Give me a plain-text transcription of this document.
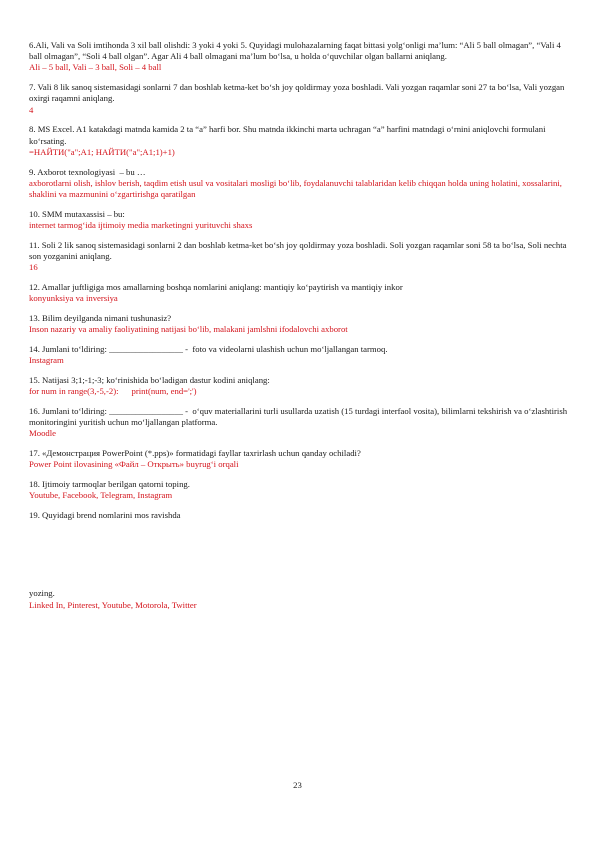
6.Ali, Vali va Soli imtihonda 3 xil ball olishdi: 3 yoki 4 yoki 5. Quyidagi mulohazalarning faqat bittasi yolg‘onligi ma’lum: “Ali 5 ball olmagan”, “Vali 4 ball olmagan”, “Soli 4 ball olgan”. Agar Ali 4 ball olmagani ma’lum bo‘lsa, u holda o‘quvchilar olgan ballarni aniqlang.

Ali – 5 ball, Vali – 3 ball, Soli – 4 ball

7. Vali 8 lik sanoq sistemasidagi sonlarni 7 dan boshlab ketma-ket bo‘sh joy qoldirmay yoza boshladi. Vali yozgan raqamlar soni 27 ta bo‘lsa, Vali yozgan oxirgi raqamni aniqlang.

4

8. MS Excel. A1 katakdagi matnda kamida 2 ta “a” harfi bor. Shu matnda ikkinchi marta uchragan “a” harfini matndagi o‘rnini aniqlovchi formulani ko‘rsating.

=НАЙТИ("a";A1; НАЙТИ("a";A1;1)+1)

9. Axborot texnologiyasi  – bu …

axborotlarni olish, ishlov berish, taqdim etish usul va vositalari mosligi bo‘lib, foydalanuvchi talablaridan kelib chiqqan holda uning holatini, xossalarini, shaklini va mazmunini o‘zgartirishga qaratilgan

10. SMM mutaxassisi – bu:

internet tarmog‘ida ijtimoiy media marketingni yurituvchi shaxs

11. Soli 2 lik sanoq sistemasidagi sonlarni 2 dan boshlab ketma-ket bo‘sh joy qoldirmay yoza boshladi. Soli yozgan raqamlar soni 58 ta bo‘lsa, Soli nechta son yozganini aniqlang.

16

12. Amallar juftligiga mos amallarning boshqa nomlarini aniqlang: mantiqiy ko‘paytirish va mantiqiy inkor

konyunksiya va inversiya

13. Bilim deyilganda nimani tushunasiz?

Inson nazariy va amaliy faoliyatining natijasi bo‘lib, malakani jamlshni ifodalovchi axborot

14. Jumlani to‘ldiring: _________________ -  foto va videolarni ulashish uchun mo‘ljallangan tarmoq.

Instagram

15. Natijasi 3;1;-1;-3; ko‘rinishida bo‘ladigan dastur kodini aniqlang:

for num in range(3,-5,-2):      print(num, end=';')

16. Jumlani to‘ldiring: _________________ -  o‘quv materiallarini turli usullarda uzatish (15 turdagi interfaol vosita), bilimlarni tekshirish va o‘zlashtirish monitoringini yuritish uchun mo‘ljallangan platforma.

Moodle

17. «Демонстрация PowerPoint (*.pps)» formatidagi fayllar taxrirlash uchun qanday ochiladi?

Power Point ilovasining «Файл – Открыть» buyrug‘i orqali

18. Ijtimoiy tarmoqlar berilgan qatorni toping.

Youtube, Facebook, Telegram, Instagram

19. Quyidagi brend nomlarini mos ravishda

yozing.

Linked In, Pinterest, Youtube, Motorola, Twitter

23
